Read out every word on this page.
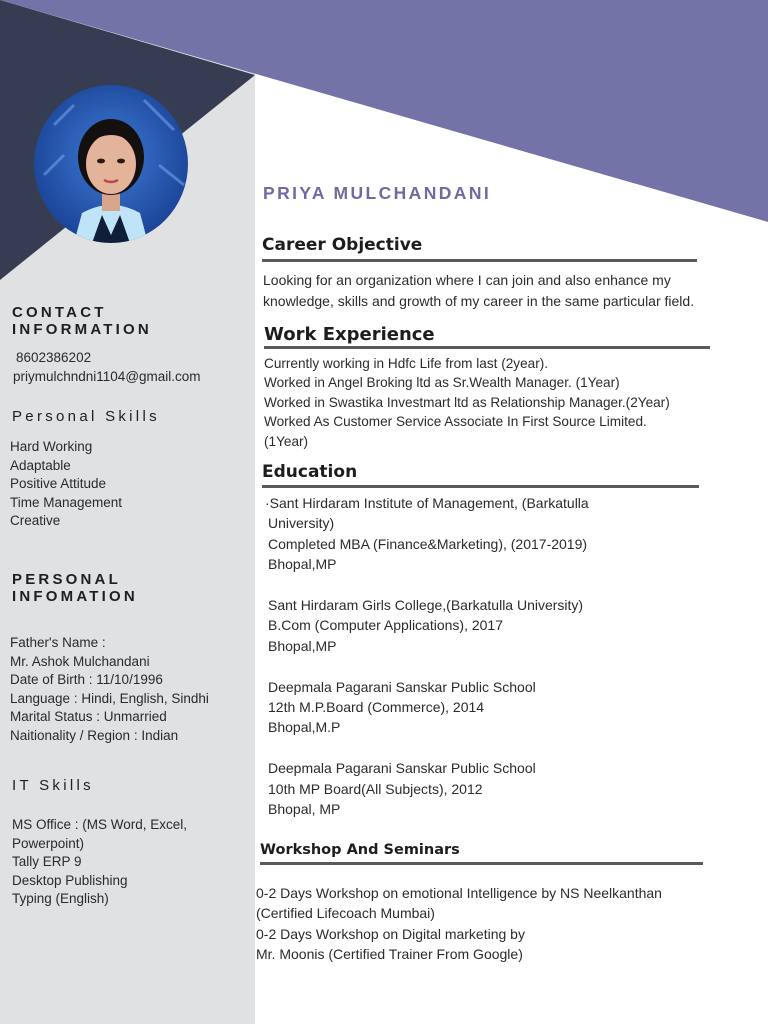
CONTACT
INFORMATION
8602386202
priymulchndni1104@gmail.com
Personal Skills
Hard Working
Adaptable
Positive Attitude
Time Management
Creative
PERSONAL
INFOMATION
Father's Name :
Mr. Ashok Mulchandani
Date of Birth : 11/10/1996
Language : Hindi, English, Sindhi
Marital Status : Unmarried
Naitionality / Region : Indian
IT Skills
MS Office : (MS Word, Excel,
Powerpoint)
Tally ERP 9
Desktop Publishing
Typing (English)
PRIYA MULCHANDANI
Career Objective

Looking for an organization where I can join and also enhance my

knowledge, skills and growth of my career in the same particular field.

Work Experience

Currently working in Hdfc Life from last (2year).

Worked in Angel Broking ltd as Sr.Wealth Manager. (1Year)

Worked in Swastika Investmart ltd as Relationship Manager.(2Year)

Worked As Customer Service Associate In First Source Limited.

(1Year)

Education

·Sant Hirdaram Institute of Management, (Barkatulla

University)

Completed MBA (Finance&Marketing), (2017-2019)

Bhopal,MP

Sant Hirdaram Girls College,(Barkatulla University)

B.Com (Computer Applications), 2017

Bhopal,MP

Deepmala Pagarani Sanskar Public School

12th M.P.Board (Commerce), 2014

Bhopal,M.P

Deepmala Pagarani Sanskar Public School

10th MP Board(All Subjects), 2012

Bhopal, MP

Workshop And Seminars

0-2 Days Workshop on emotional Intelligence by NS Neelkanthan

(Certified Lifecoach Mumbai)

0-2 Days Workshop on Digital marketing by

Mr. Moonis (Certified Trainer From Google)
